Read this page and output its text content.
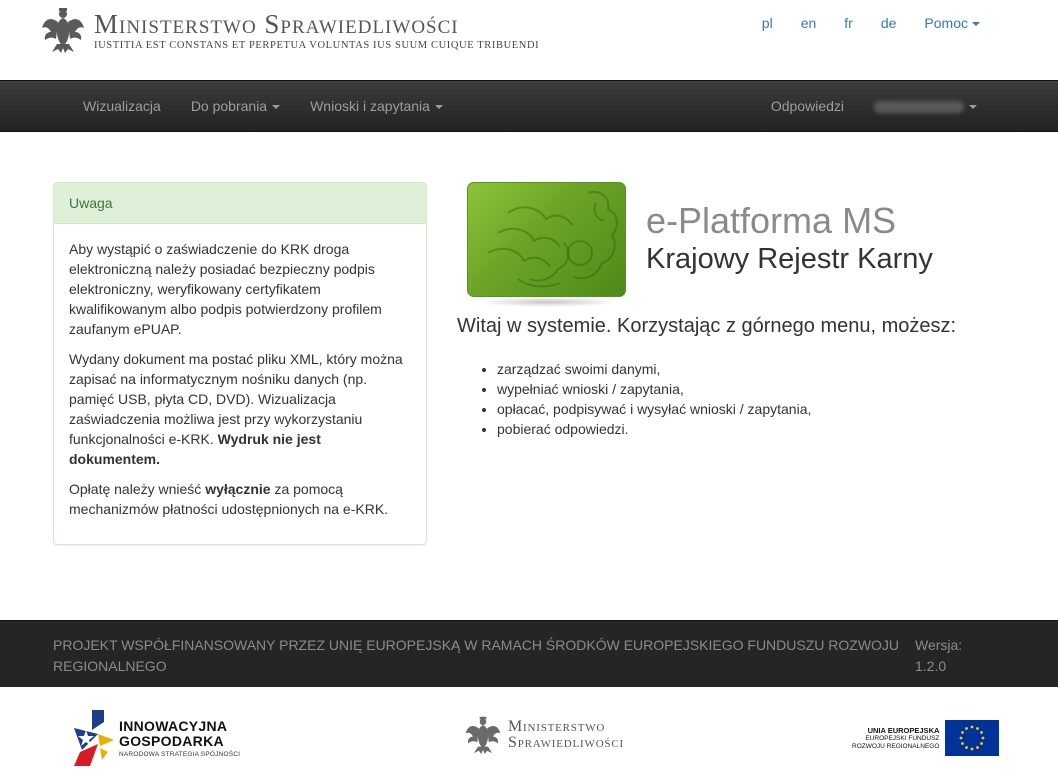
Ministerstwo Sprawiedliwości
IUSTITIA EST CONSTANS ET PERPETUA VOLUNTAS IUS SUUM CUIQUE TRIBUENDI
pl	en	fr	de	Pomoc
Wizualizacja	Do pobrania	Wnioski i zapytania	Odpowiedzi
Uwaga

Aby wystąpić o zaświadczenie do KRK droga elektroniczną należy posiadać bezpieczny podpis elektroniczny, weryfikowany certyfikatem kwalifikowanym albo podpis potwierdzony profilem zaufanym ePUAP.

Wydany dokument ma postać pliku XML, który można zapisać na informatycznym nośniku danych (np. pamięć USB, płyta CD, DVD). Wizualizacja zaświadczenia możliwa jest przy wykorzystaniu funkcjonalności e-KRK. Wydruk nie jest dokumentem.

Opłatę należy wnieść wyłącznie za pomocą mechanizmów płatności udostępnionych na e-KRK.

e-Platforma MS
Krajowy Rejestr Karny
Witaj w systemie. Korzystając z górnego menu, możesz:
• zarządzać swoimi danymi,
• wypełniać wnioski / zapytania,
• opłacać, podpisywać i wysyłać wnioski / zapytania,
• pobierać odpowiedzi.
PROJEKT WSPÓŁFINANSOWANY PRZEZ UNIĘ EUROPEJSKĄ W RAMACH ŚRODKÓW EUROPEJSKIEGO FUNDUSZU ROZWOJU REGIONALNEGO
Wersja:
1.2.0
INNOWACYJNA
GOSPODARKA
NARODOWA STRATEGIA SPÓJNOŚCI
Ministerstwo
Sprawiedliwości
UNIA EUROPEJSKA
EUROPEJSKI FUNDUSZ
ROZWOJU REGIONALNEGO
